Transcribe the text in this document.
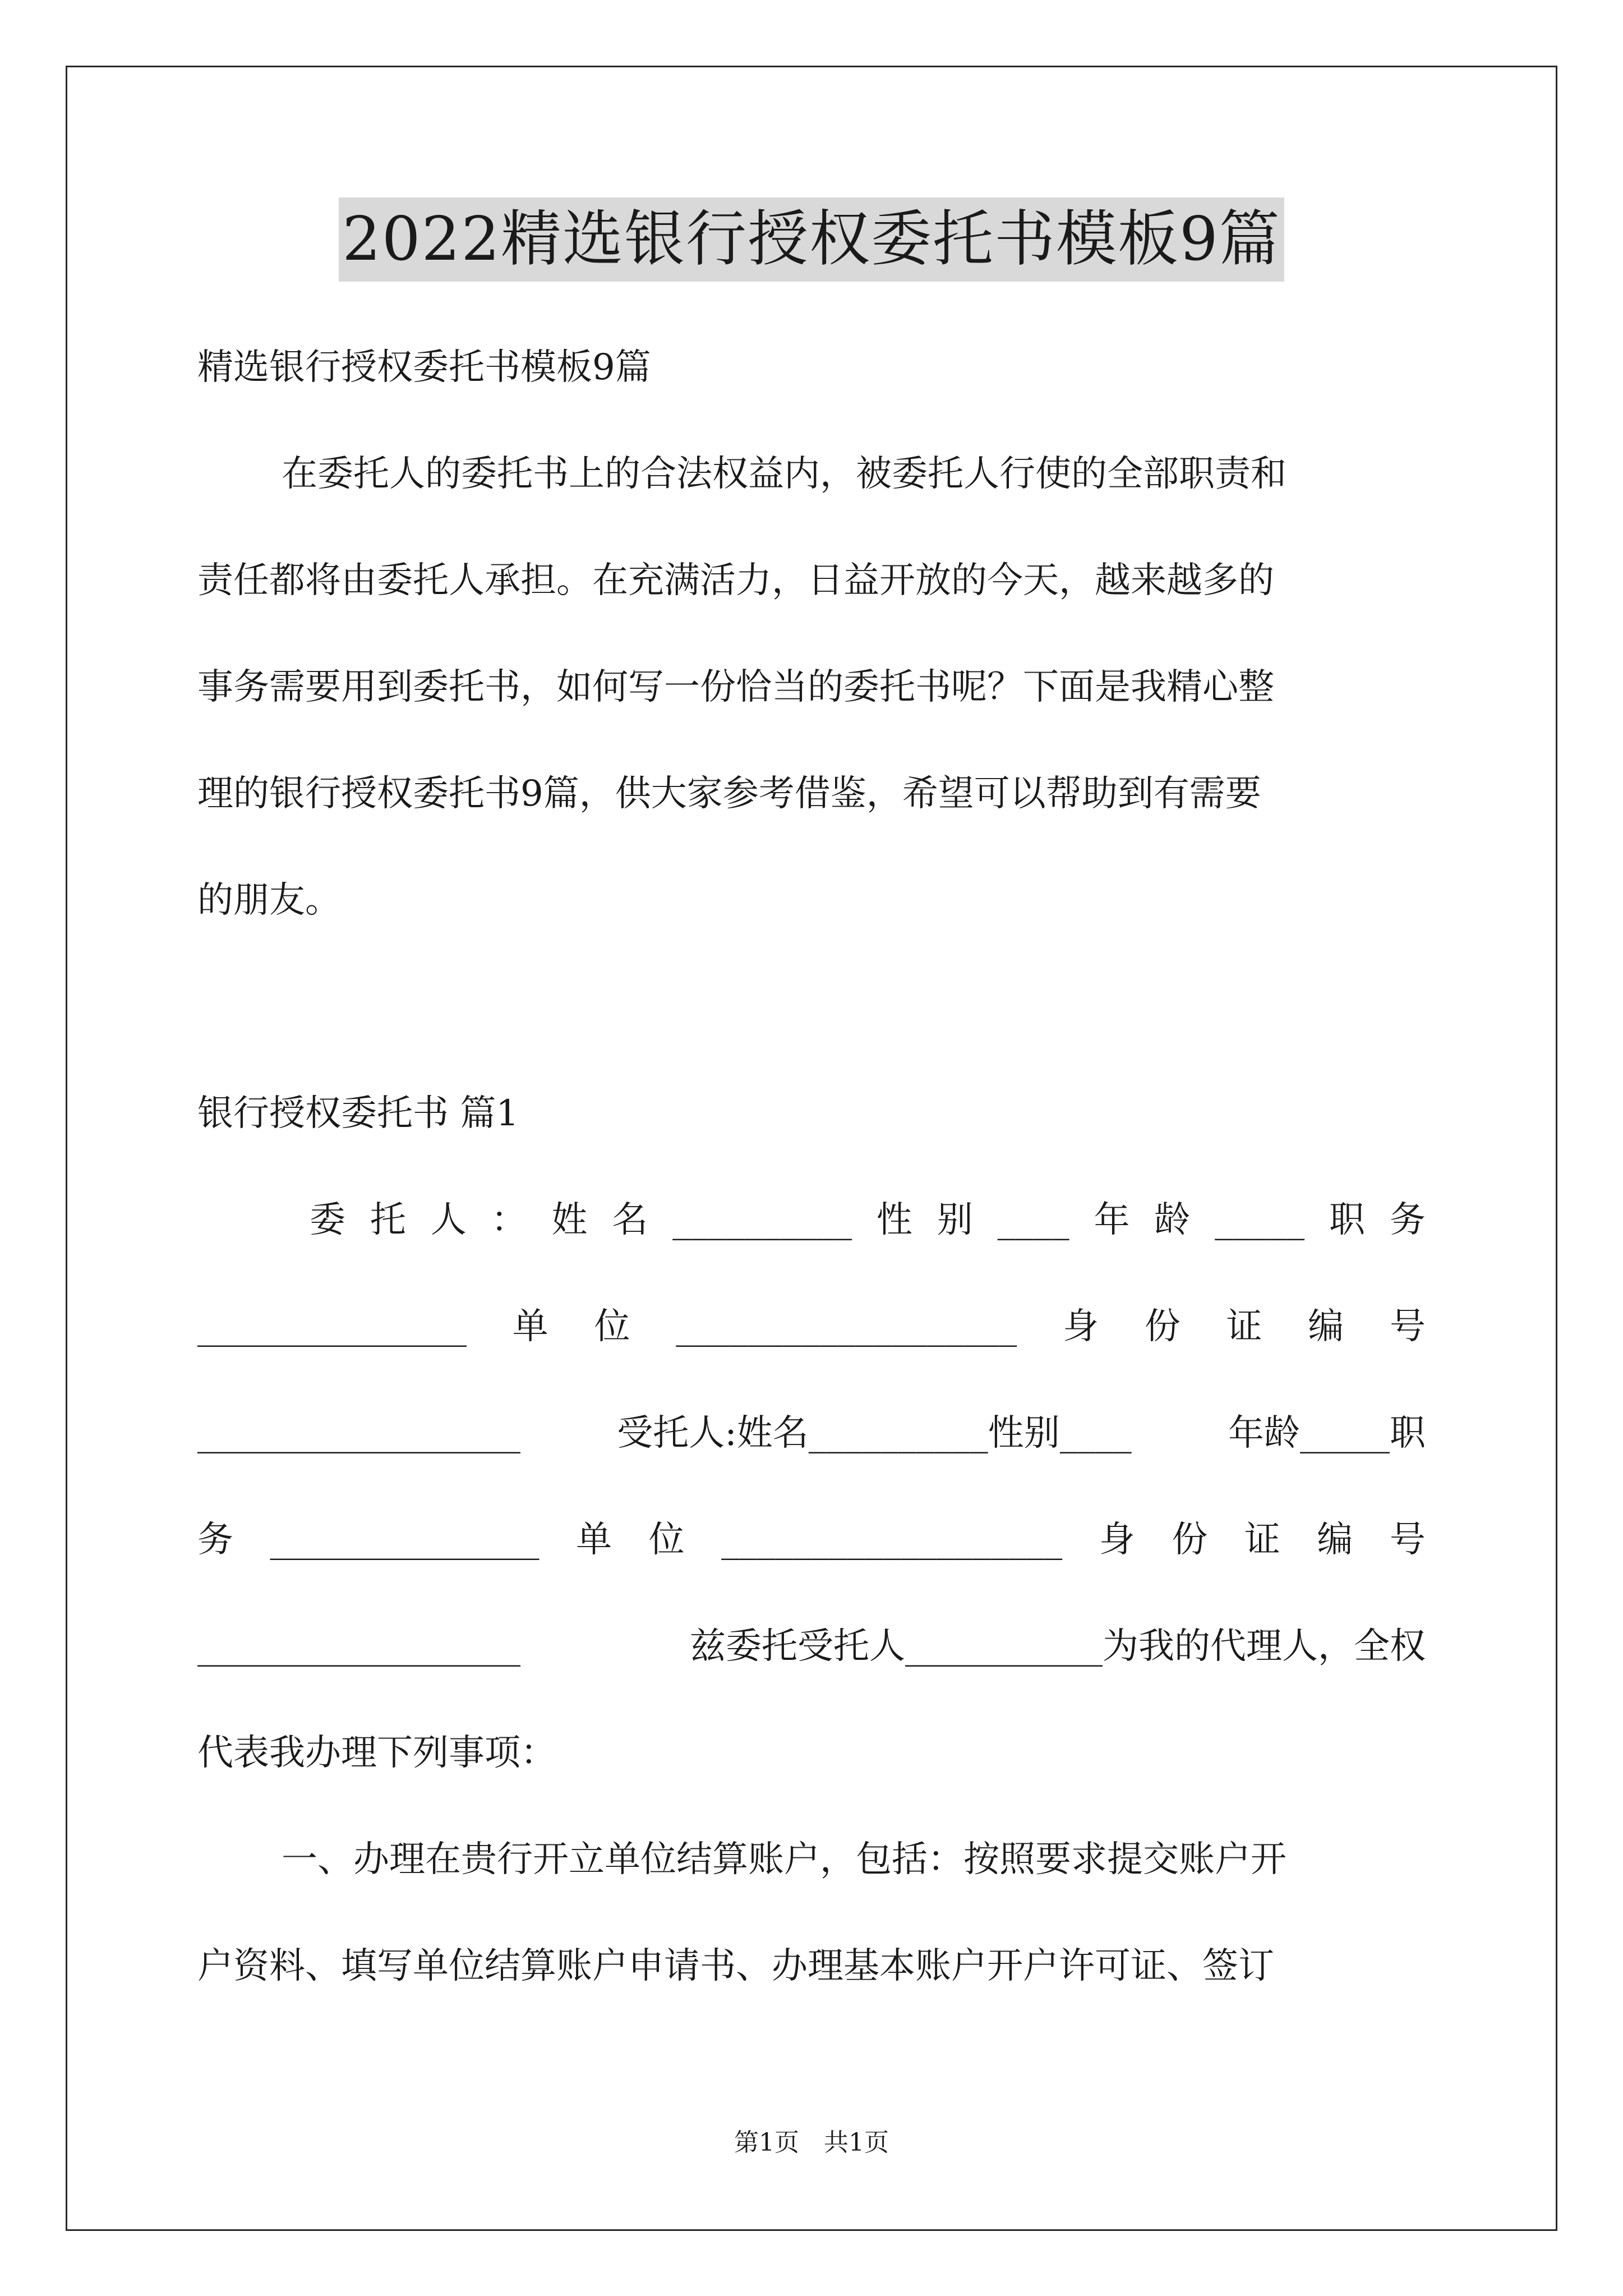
2022精选银行授权委托书模板9篇
精选银行授权委托书模板9篇
在委托人的委托书上的合法权益内，被委托人行使的全部职责和
责任都将由委托人承担。在充满活力，日益开放的今天，越来越多的
事务需要用到委托书，如何写一份恰当的委托书呢？下面是我精心整
理的银行授权委托书9篇，供大家参考借鉴，希望可以帮助到有需要
的朋友。
银行授权委托书 篇1
委 托 人 ： 姓 名 __________ 性 别 ____ 年 龄 _____ 职 务
_______________ 单 位 ___________________ 身 份 证 编 号
__________________	受托人:姓名__________性别____	年龄_____职
务 _______________ 单 位 ___________________ 身 份 证 编 号
__________________	兹委托受托人___________为我的代理人，全权
代表我办理下列事项：
一、办理在贵行开立单位结算账户，包括：按照要求提交账户开
户资料、填写单位结算账户申请书、办理基本账户开户许可证、签订
第1页　共1页
